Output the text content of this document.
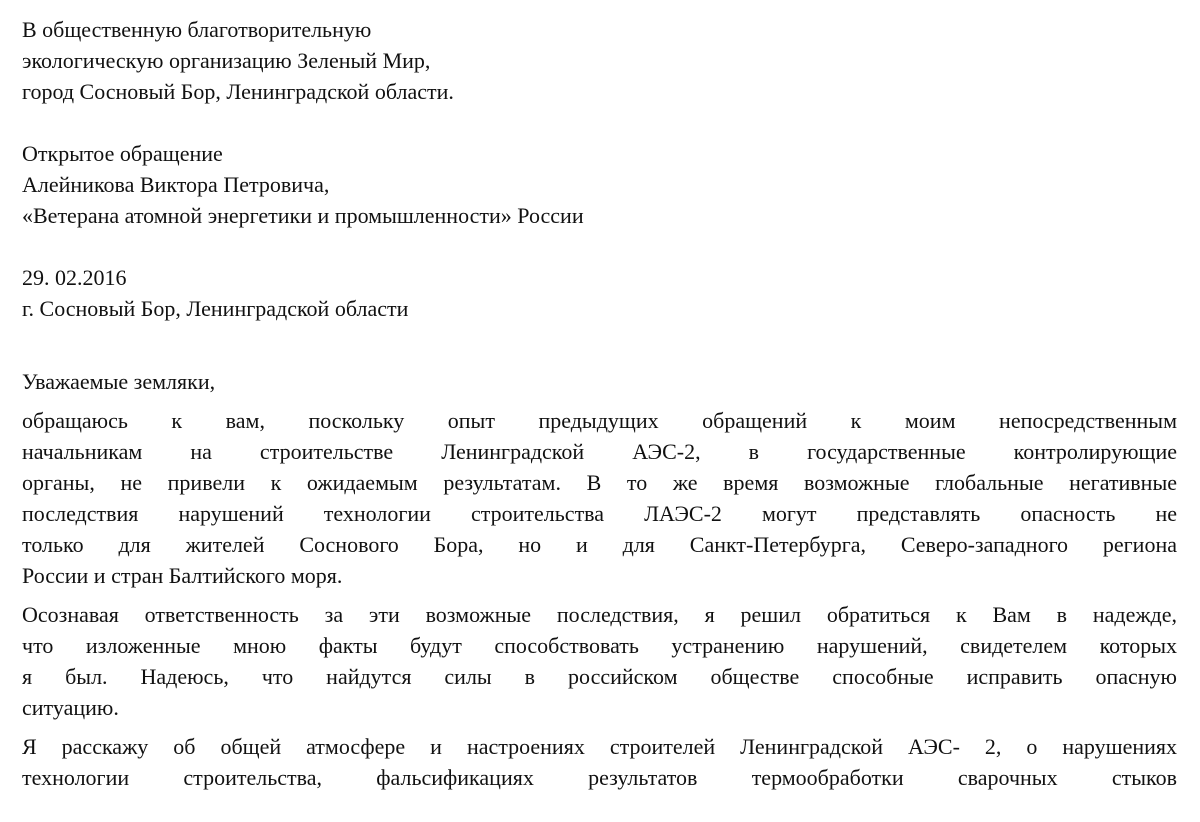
В общественную благотворительную

экологическую организацию Зеленый Мир,

город Сосновый Бор, Ленинградской области.

Открытое обращение

Алейникова Виктора Петровича,

«Ветерана атомной энергетики и промышленности» России

29. 02.2016

г. Сосновый Бор, Ленинградской области

Уважаемые земляки,

обращаюсь к вам, поскольку опыт предыдущих обращений к моим непосредственным
начальникам на строительстве Ленинградской АЭС-2, в государственные контролирующие
органы, не привели к ожидаемым результатам. В то же время возможные глобальные негативные
последствия нарушений технологии строительства ЛАЭС-2 могут представлять опасность не
только для жителей Соснового Бора, но и для Санкт-Петербурга, Северо-западного региона
России и стран Балтийского моря.
Осознавая ответственность за эти возможные последствия, я решил обратиться к Вам в надежде,
что изложенные мною факты будут способствовать устранению нарушений, свидетелем которых
я был. Надеюсь, что найдутся силы в российском обществе способные исправить опасную
ситуацию.
Я расскажу об общей атмосфере и настроениях строителей Ленинградской АЭС- 2, о нарушениях
технологии строительства, фальсификациях результатов термообработки сварочных стыков
